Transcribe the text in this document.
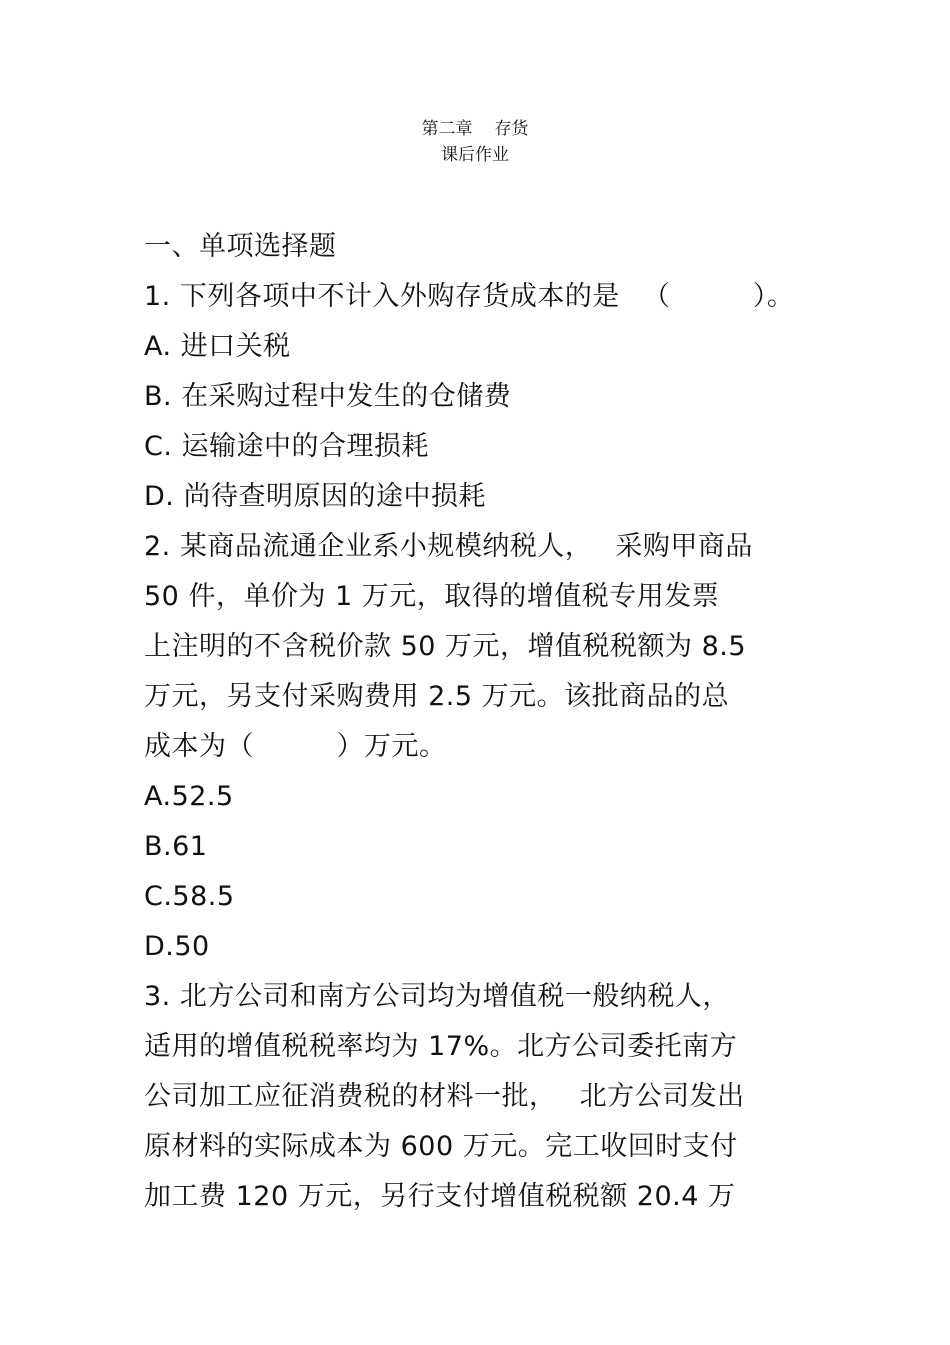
第二章 存货
课后作业
一、单项选择题
1. 下列各项中不计入外购存货成本的是 　（　　　）。
A. 进口关税
B. 在采购过程中发生的仓储费
C. 运输途中的合理损耗
D. 尚待查明原因的途中损耗
2. 某商品流通企业系小规模纳税人，　 采购甲商品
50 件，单价为 1 万元，取得的增值税专用发票
上注明的不含税价款 50 万元，增值税税额为 8.5
万元，另支付采购费用 2.5 万元。该批商品的总
成本为（　　　）万元。
A.52.5
B.61
C.58.5
D.50
3. 北方公司和南方公司均为增值税一般纳税人，
适用的增值税税率均为 17%。北方公司委托南方
公司加工应征消费税的材料一批，　 北方公司发出
原材料的实际成本为 600 万元。完工收回时支付
加工费 120 万元，另行支付增值税税额 20.4 万
